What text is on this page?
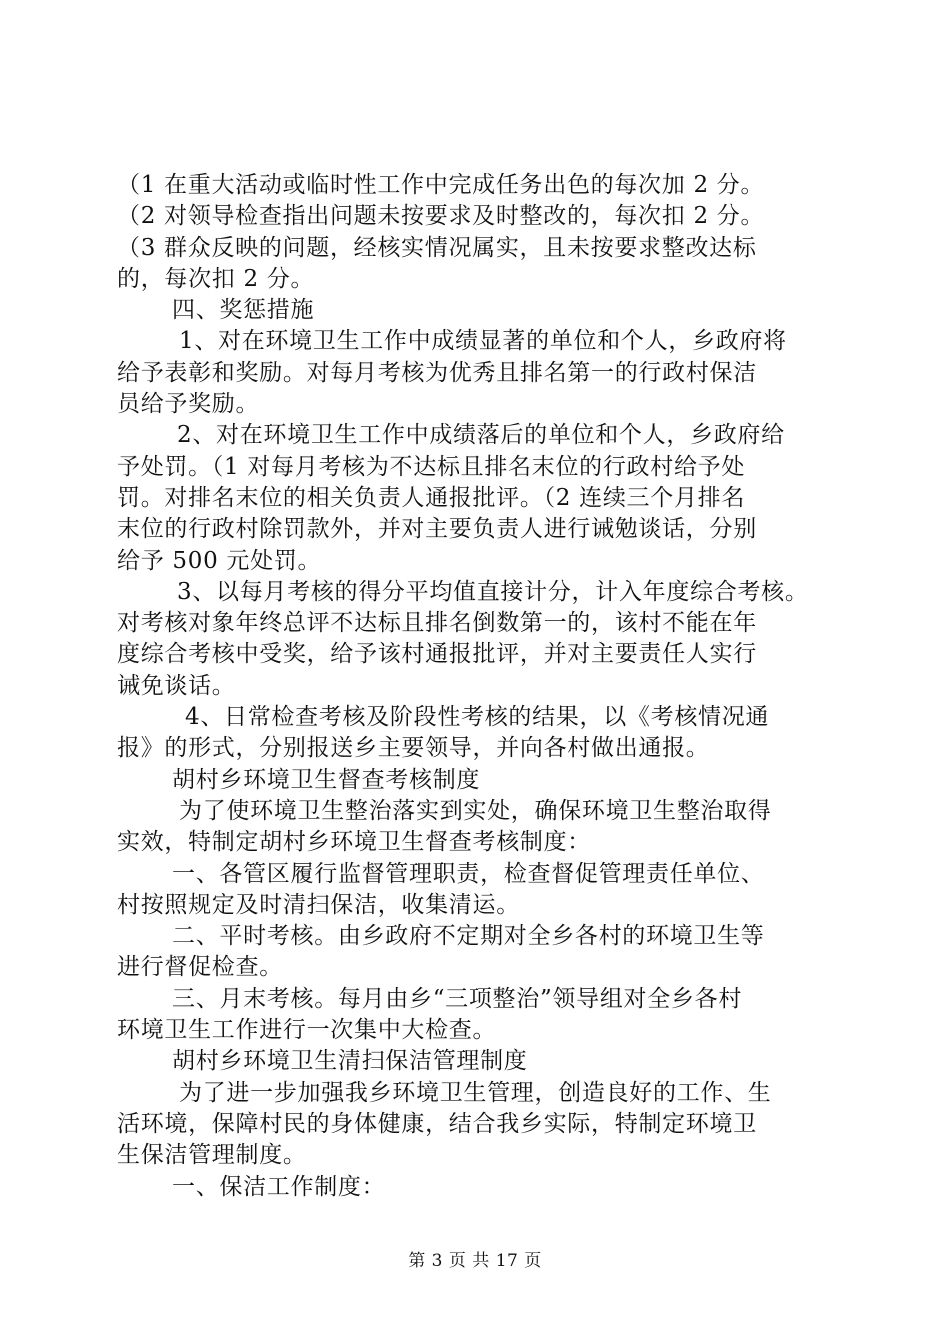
（1 在重大活动或临时性工作中完成任务出色的每次加 2 分。
（2 对领导检查指出问题未按要求及时整改的，每次扣 2 分。
（3 群众反映的问题，经核实情况属实，且未按要求整改达标
的，每次扣 2 分。
四、奖惩措施
1、对在环境卫生工作中成绩显著的单位和个人，乡政府将
给予表彰和奖励。对每月考核为优秀且排名第一的行政村保洁
员给予奖励。
2、对在环境卫生工作中成绩落后的单位和个人，乡政府给
予处罚。（1 对每月考核为不达标且排名末位的行政村给予处
罚。对排名末位的相关负责人通报批评。（2 连续三个月排名
末位的行政村除罚款外，并对主要负责人进行诫勉谈话，分别
给予 500 元处罚。
3、以每月考核的得分平均值直接计分，计入年度综合考核。
对考核对象年终总评不达标且排名倒数第一的，该村不能在年
度综合考核中受奖，给予该村通报批评，并对主要责任人实行
诫免谈话。
4、日常检查考核及阶段性考核的结果，以《考核情况通
报》的形式，分别报送乡主要领导，并向各村做出通报。
胡村乡环境卫生督查考核制度
为了使环境卫生整治落实到实处，确保环境卫生整治取得
实效，特制定胡村乡环境卫生督查考核制度：
一、各管区履行监督管理职责，检查督促管理责任单位、
村按照规定及时清扫保洁，收集清运。
二、平时考核。由乡政府不定期对全乡各村的环境卫生等
进行督促检查。
三、月末考核。每月由乡“三项整治”领导组对全乡各村
环境卫生工作进行一次集中大检查。
胡村乡环境卫生清扫保洁管理制度
为了进一步加强我乡环境卫生管理，创造良好的工作、生
活环境，保障村民的身体健康，结合我乡实际，特制定环境卫
生保洁管理制度。
一、保洁工作制度：
第 3 页 共 17 页
